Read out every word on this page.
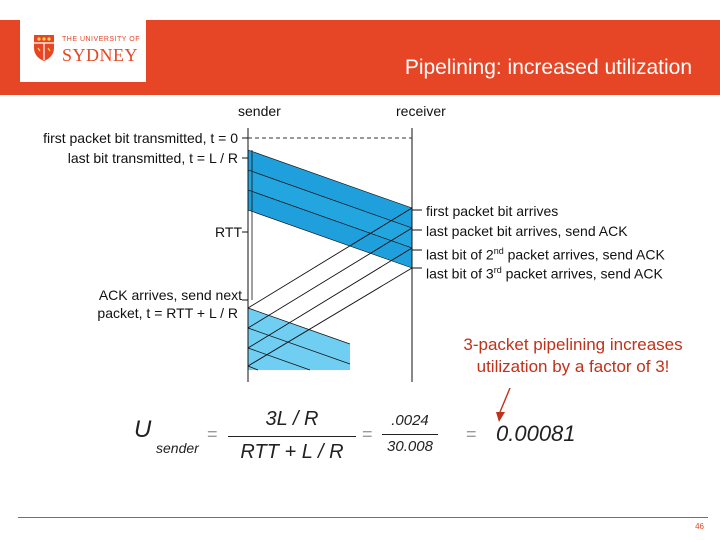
THE UNIVERSITY OF
SYDNEY
Pipelining: increased utilization
sender	receiver
first packet bit transmitted, t = 0
last bit transmitted, t = L / R
RTT
ACK arrives, send next
packet, t = RTT + L / R
first packet bit arrives
last packet bit arrives, send ACK
last bit of 2nd packet arrives, send ACK
last bit of 3rd packet arrives, send ACK
3-packet pipelining increases
utilization by a factor of 3!
U
sender
=
3L / R
RTT + L / R
=
.0024
30.008
= 0.00081
46
